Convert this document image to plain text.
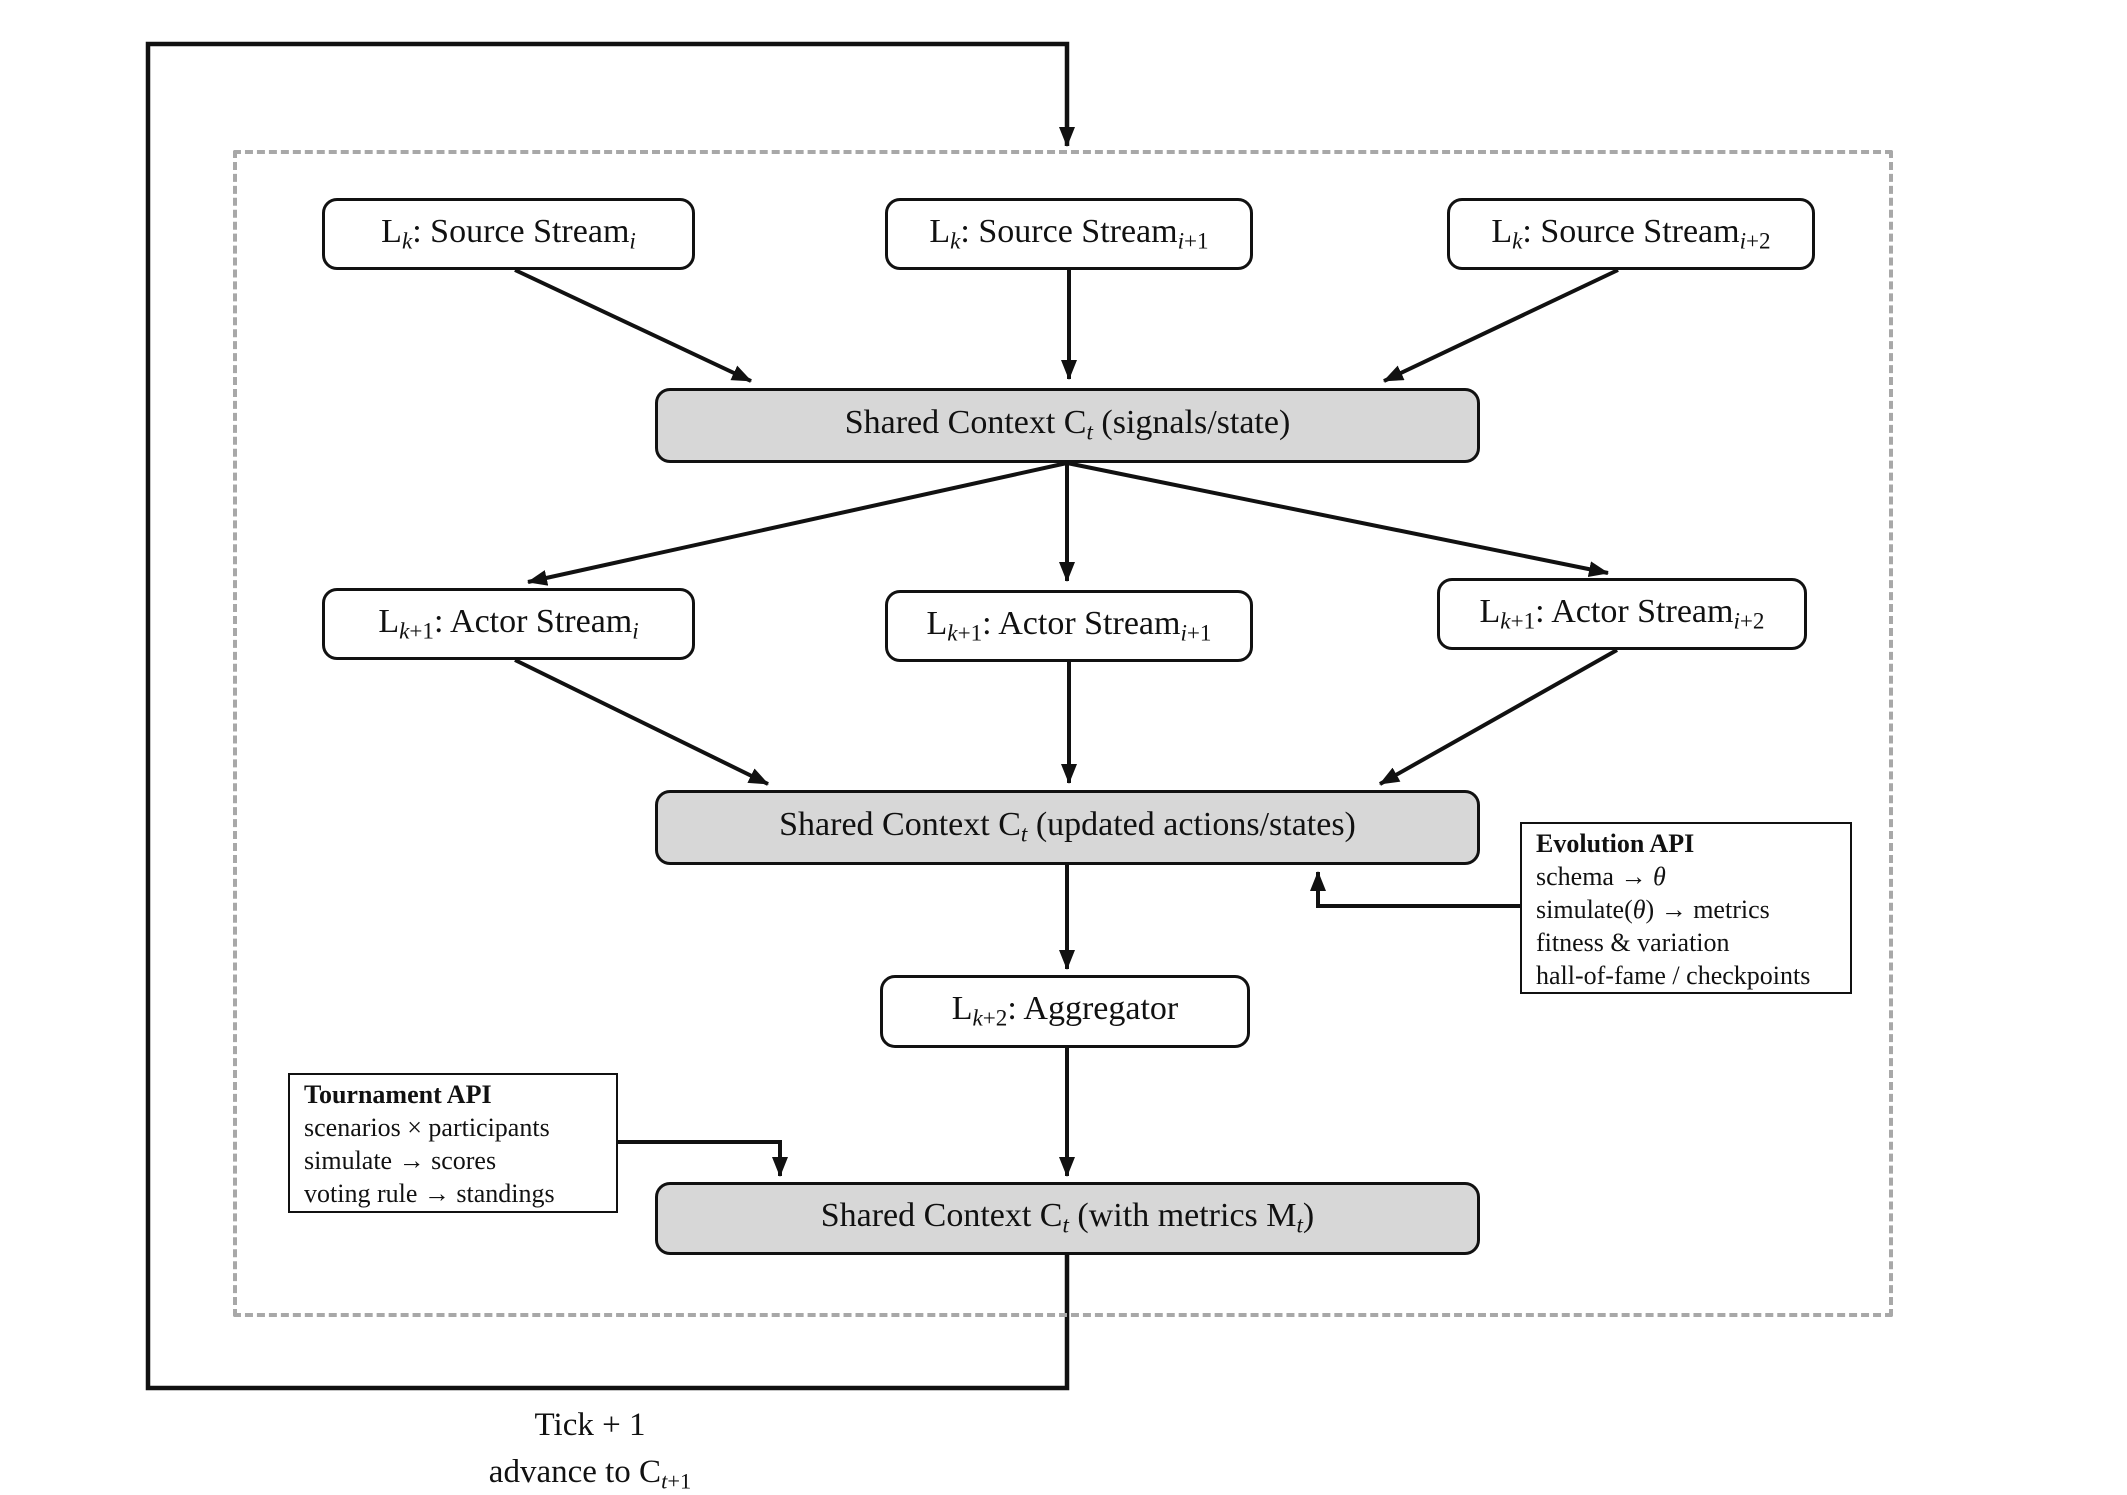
Lk: Source Streami	Lk: Source Streami+1	Lk: Source Streami+2
Shared Context Ct (signals/state)
Lk+1: Actor Streami	Lk+1: Actor Streami+1
Lk+1: Actor Streami+2
Shared Context Ct (updated actions/states)
Evolution API
schema → θ
simulate(θ) → metrics
fitness & variation
hall-of-fame / checkpoints
Lk+2: Aggregator
Tournament API
scenarios × participants
simulate → scores
voting rule → standings
Shared Context Ct (with metrics Mt)
Tick + 1
advance to Ct+1
